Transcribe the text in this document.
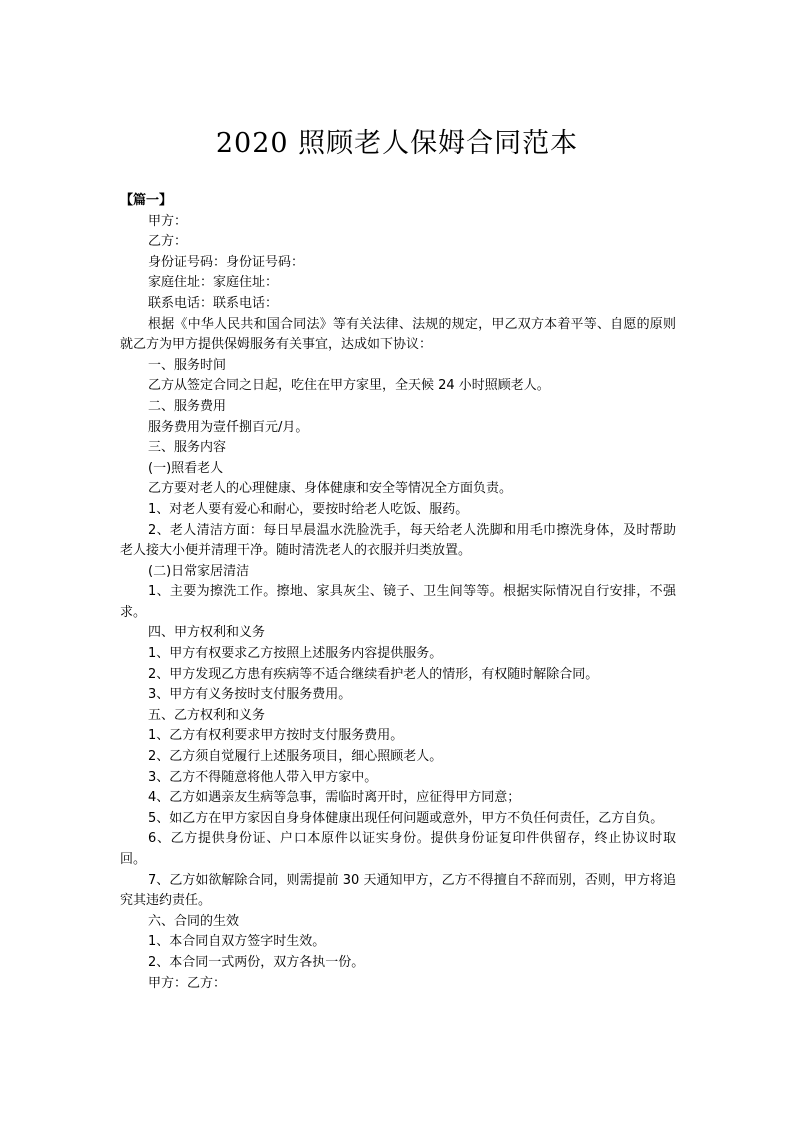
2020 照顾老人保姆合同范本

【篇一】

甲方：

乙方：

身份证号码：身份证号码：

家庭住址：家庭住址：

联系电话：联系电话：

根据《中华人民共和国合同法》等有关法律、法规的规定，甲乙双方本着平等、自愿的原则就乙方为甲方提供保姆服务有关事宜，达成如下协议：

一、服务时间

乙方从签定合同之日起，吃住在甲方家里，全天候 24 小时照顾老人。

二、服务费用

服务费用为壹仟捌百元/月。

三、服务内容

(一)照看老人

乙方要对老人的心理健康、身体健康和安全等情况全方面负责。

1、对老人要有爱心和耐心，要按时给老人吃饭、服药。

2、老人清洁方面：每日早晨温水洗脸洗手，每天给老人洗脚和用毛巾擦洗身体，及时帮助老人接大小便并清理干净。随时清洗老人的衣服并归类放置。

(二)日常家居清洁

1、主要为擦洗工作。擦地、家具灰尘、镜子、卫生间等等。根据实际情况自行安排，不强求。

四、甲方权利和义务

1、甲方有权要求乙方按照上述服务内容提供服务。

2、甲方发现乙方患有疾病等不适合继续看护老人的情形，有权随时解除合同。

3、甲方有义务按时支付服务费用。

五、乙方权利和义务

1、乙方有权利要求甲方按时支付服务费用。

2、乙方须自觉履行上述服务项目，细心照顾老人。

3、乙方不得随意将他人带入甲方家中。

4、乙方如遇亲友生病等急事，需临时离开时，应征得甲方同意；

5、如乙方在甲方家因自身身体健康出现任何问题或意外，甲方不负任何责任，乙方自负。

6、乙方提供身份证、户口本原件以证实身份。提供身份证复印件供留存，终止协议时取回。

7、乙方如欲解除合同，则需提前 30 天通知甲方，乙方不得擅自不辞而别，否则，甲方将追究其违约责任。

六、合同的生效

1、本合同自双方签字时生效。

2、本合同一式两份，双方各执一份。

甲方：乙方：
